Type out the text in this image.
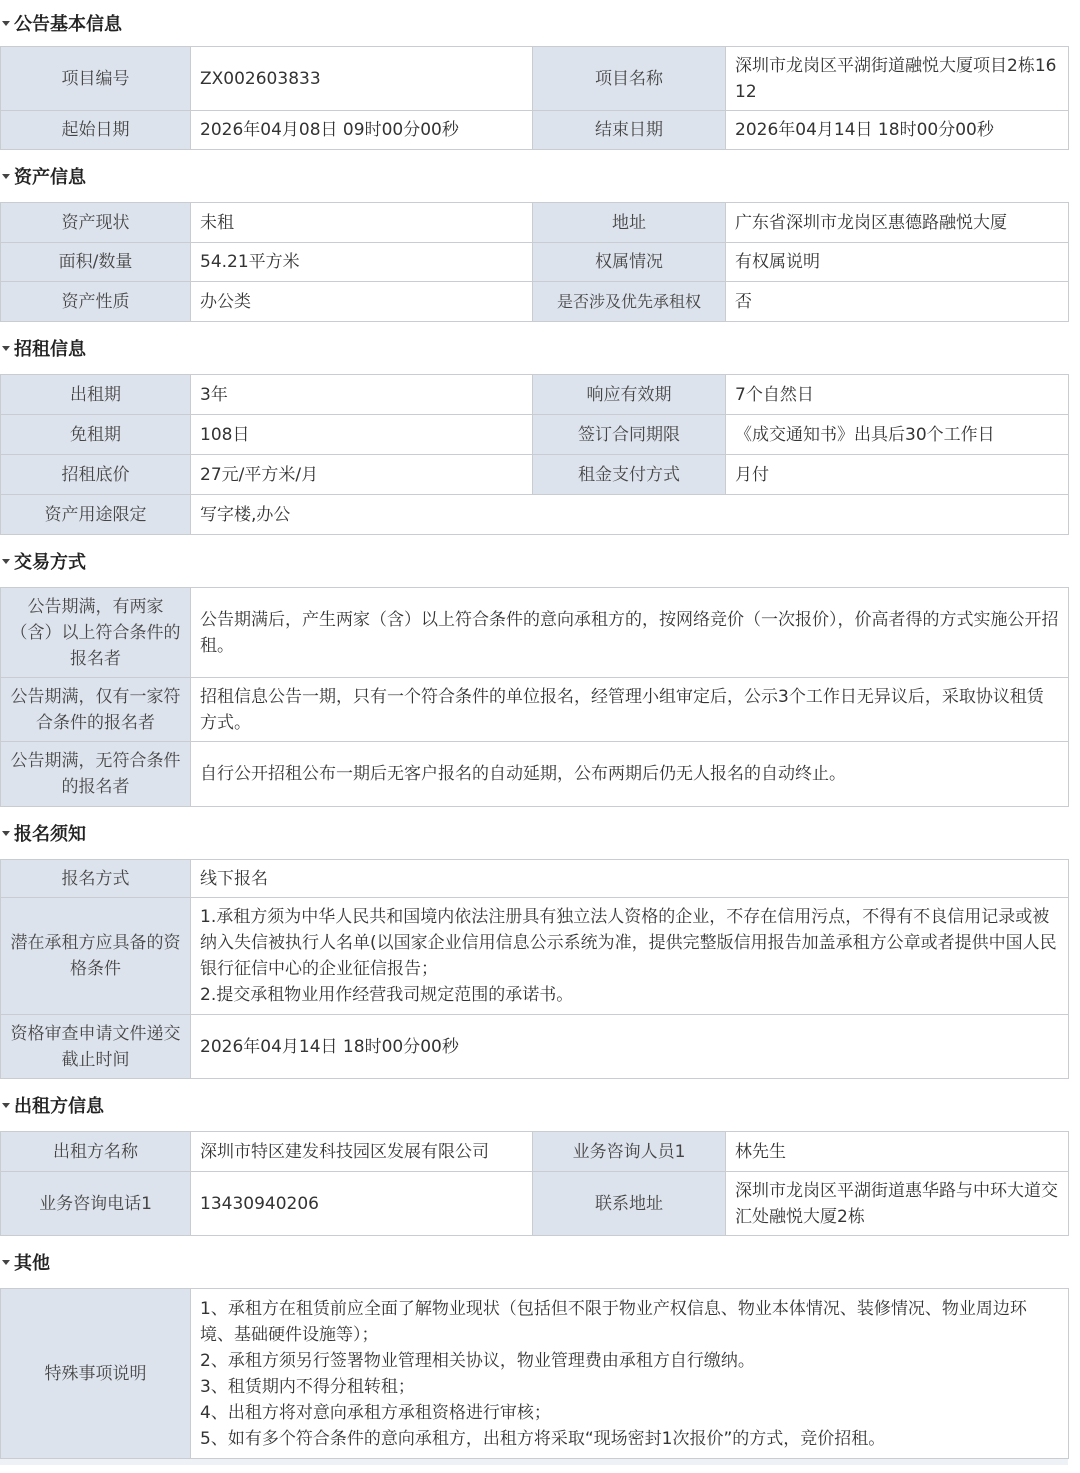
公告基本信息
项目编号	ZX002603833	项目名称	深圳市龙岗区平湖街道融悦大厦项目2栋1612
起始日期	2026年04月08日 09时00分00秒	结束日期	2026年04月14日 18时00分00秒
资产信息
资产现状	未租	地址	广东省深圳市龙岗区惠德路融悦大厦
面积/数量	54.21平方米	权属情况	有权属说明
资产性质	办公类	是否涉及优先承租权	否
招租信息
出租期	3年	响应有效期	7个自然日
免租期	108日	签订合同期限	《成交通知书》出具后30个工作日
招租底价	27元/平方米/月	租金支付方式	月付
资产用途限定	写字楼,办公		
交易方式
公告期满，有两家（含）以上符合条件的报名者	公告期满后，产生两家（含）以上符合条件的意向承租方的，按网络竞价（一次报价），价高者得的方式实施公开招租。
公告期满，仅有一家符合条件的报名者	招租信息公告一期，只有一个符合条件的单位报名，经管理小组审定后，公示3个工作日无异议后，采取协议租赁方式。
公告期满，无符合条件的报名者	自行公开招租公布一期后无客户报名的自动延期，公布两期后仍无人报名的自动终止。
报名须知
报名方式	线下报名
潜在承租方应具备的资格条件	1.承租方须为中华人民共和国境内依法注册具有独立法人资格的企业，不存在信用污点，不得有不良信用记录或被纳入失信被执行人名单(以国家企业信用信息公示系统为准，提供完整版信用报告加盖承租方公章或者提供中国人民银行征信中心的企业征信报告；
2.提交承租物业用作经营我司规定范围的承诺书。

资格审查申请文件递交截止时间	2026年04月14日 18时00分00秒
出租方信息
出租方名称	深圳市特区建发科技园区发展有限公司	业务咨询人员1	林先生
业务咨询电话1	13430940206	联系地址	深圳市龙岗区平湖街道惠华路与中环大道交汇处融悦大厦2栋
其他
特殊事项说明	
1、承租方在租赁前应全面了解物业现状（包括但不限于物业产权信息、物业本体情况、装修情况、物业周边环境、基础硬件设施等）；
2、承租方须另行签署物业管理相关协议，物业管理费由承租方自行缴纳。
3、租赁期内不得分租转租；
4、出租方将对意向承租方承租资格进行审核；
5、如有多个符合条件的意向承租方，出租方将采取“现场密封1次报价”的方式，竞价招租。
